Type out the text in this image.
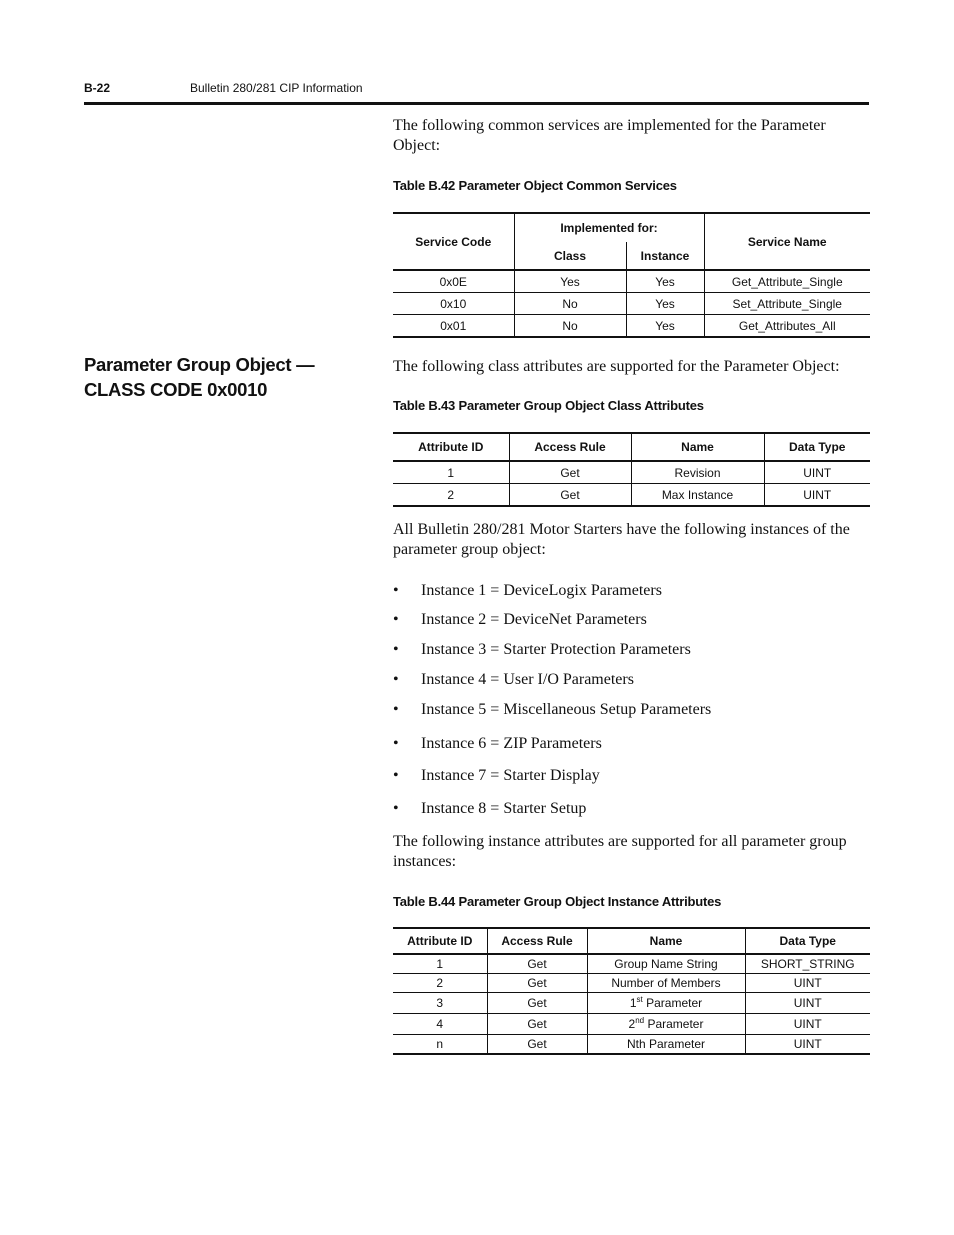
B-22	Bulletin 280/281 CIP Information
The following common services are implemented for the Parameter Object:
Table B.42 Parameter Object Common Services
Service Code	Implemented for:		Service Name
	Class	Instance	
0x0E	Yes	Yes	Get_Attribute_Single
0x10	No	Yes	Set_Attribute_Single
0x01	No	Yes	Get_Attributes_All
Parameter Group Object — CLASS CODE 0x0010
The following class attributes are supported for the Parameter Object:
Table B.43 Parameter Group Object Class Attributes
Attribute ID	Access Rule	Name	Data Type
1	Get	Revision	UINT
2	Get	Max Instance	UINT
All Bulletin 280/281 Motor Starters have the following instances of the parameter group object:
• Instance 1 = DeviceLogix Parameters
• Instance 2 = DeviceNet Parameters
• Instance 3 = Starter Protection Parameters
• Instance 4 = User I/O Parameters
• Instance 5 = Miscellaneous Setup Parameters
• Instance 6 = ZIP Parameters
• Instance 7 = Starter Display
• Instance 8 = Starter Setup
The following instance attributes are supported for all parameter group instances:
Table B.44 Parameter Group Object Instance Attributes
Attribute ID	Access Rule	Name	Data Type
1	Get	Group Name String	SHORT_STRING
2	Get	Number of Members	UINT
3	Get	1st Parameter	UINT
4	Get	2nd Parameter	UINT
n	Get	Nth Parameter	UINT
